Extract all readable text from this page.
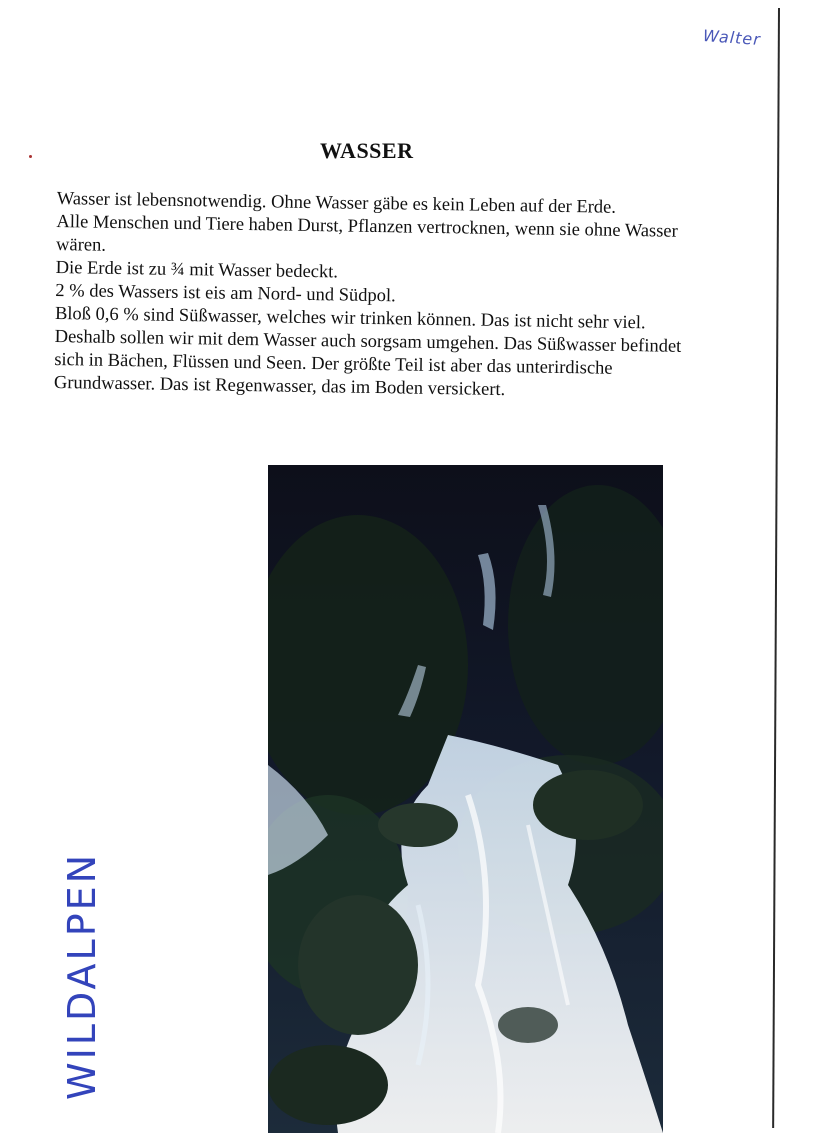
Walter
WASSER

Wasser ist lebensnotwendig. Ohne Wasser gäbe es kein Leben auf der Erde.

Alle Menschen und Tiere haben Durst, Pflanzen vertrocknen, wenn sie ohne Wasser wären.

Die Erde ist zu ¾ mit Wasser bedeckt.

2 % des Wassers ist eis am Nord- und Südpol.

Bloß 0,6 % sind Süßwasser, welches wir trinken können. Das ist nicht sehr viel. Deshalb sollen wir mit dem Wasser auch sorgsam umgehen. Das Süßwasser befindet sich in Bächen, Flüssen und Seen. Der größte Teil ist aber das unterirdische Grundwasser. Das ist Regenwasser, das im Boden versickert.

WILDALPEN
